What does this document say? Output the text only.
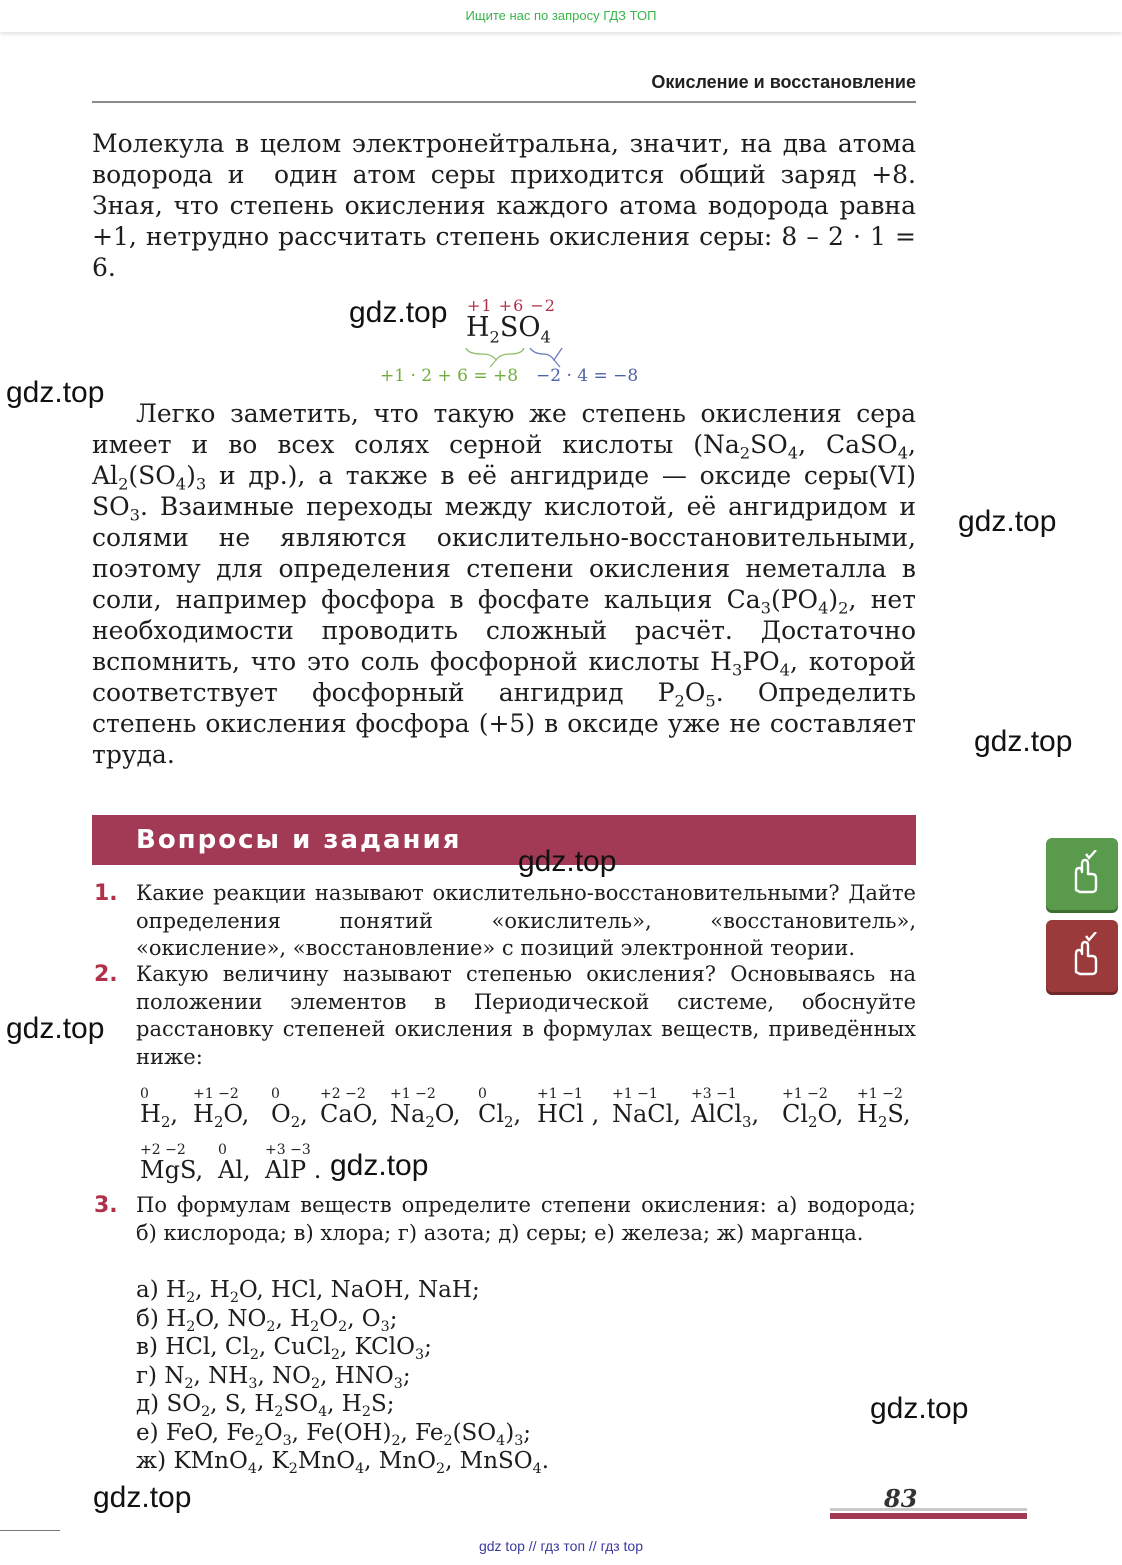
Ищите нас по запросу ГДЗ ТОП
Окисление и восстановление

Молекула в целом электронейтральна, значит, на два атома водорода и  один атом серы приходится общий заряд +8. Зная, что степень окисления каждого атома водорода равна +1, нетрудно рассчитать степень окисления серы: 8 – 2 · 1 = 6.

+1 +6 −2
$H_2SO_4$
+1 · 2 + 6 = +8 −2 · 4 = −8

Легко заметить, что такую же степень окисления сера имеет и во всех солях серной кислоты ($Na_2SO_4$, CaSO$_4$, $Al_2(SO_4)_3$ и др.), а также в её ангидриде — оксиде серы(VI) $SO_3$. Взаимные переходы между кислотой, её ангидридом и солями не являются окислительно-восстановительными, поэтому для определения степени окисления неметалла в соли, например фосфора в фосфате кальция $Ca_3(PO_4)_2$, нет необходимости проводить сложный расчёт. Достаточно вспомнить, что это соль фосфорной кислоты $H_3PO_4$, которой соответствует фосфорный ангидрид $P_2O_5$. Определить степень окисления фосфора (+5) в оксиде уже не составляет труда.

Вопросы и задания
1. Какие реакции называют окислительно-восстановительными? Дайте определения понятий «окислитель», «восстановитель», «окисление», «восстановление» с позиций электронной теории.

2. Какую величину называют степенью окисления? Основываясь на положении элементов в Периодической системе, обоснуйте расстановку степеней окисления в формулах веществ, приведённых ниже:

0
$H_2$,
+1 −2
$H_2O$,
0
$O_2$,
+2 −2
CaO,
+1 −2
$Na_2O$,
0
$Cl_2$,
+1 −1
HCl ,
+1 −1
NaCl,
+3 −1
AlCl$_3$,
+1 −2
$Cl_2O$,
+1 −2
$H_2S$,
+2 −2
MgS,
0
Al,
+3 −3
AlP .
3. По формулам веществ определите степени окисления: а) водорода; б) кислорода; в) хлора; г) азота; д) серы; е) железа; ж) марганца.

а) $H_2$, $H_2O$, HCl, NaOH, NaH;
б) $H_2O$, $NO_2$, $H_2O_2$, $O_3$;
в) HCl, $Cl_2$, CuCl$_2$, KClO$_3$;
г) $N_2$, $NH_3$, $NO_2$, $HNO_3$;
д) $SO_2$, S, $H_2SO_4$, $H_2S$;
е) FeO, $Fe_2O_3$, $Fe(OH)_2$, $Fe_2(SO_4)_3$;
ж) KMnO$_4$, $K_2MnO_4$, MnO$_2$, MnSO$_4$.
83
gdz.top
gdz.top
gdz.top
gdz.top
gdz.top
gdz.top
gdz.top
gdz.top
gdz.top
gdz top // гдз топ // гдз top
